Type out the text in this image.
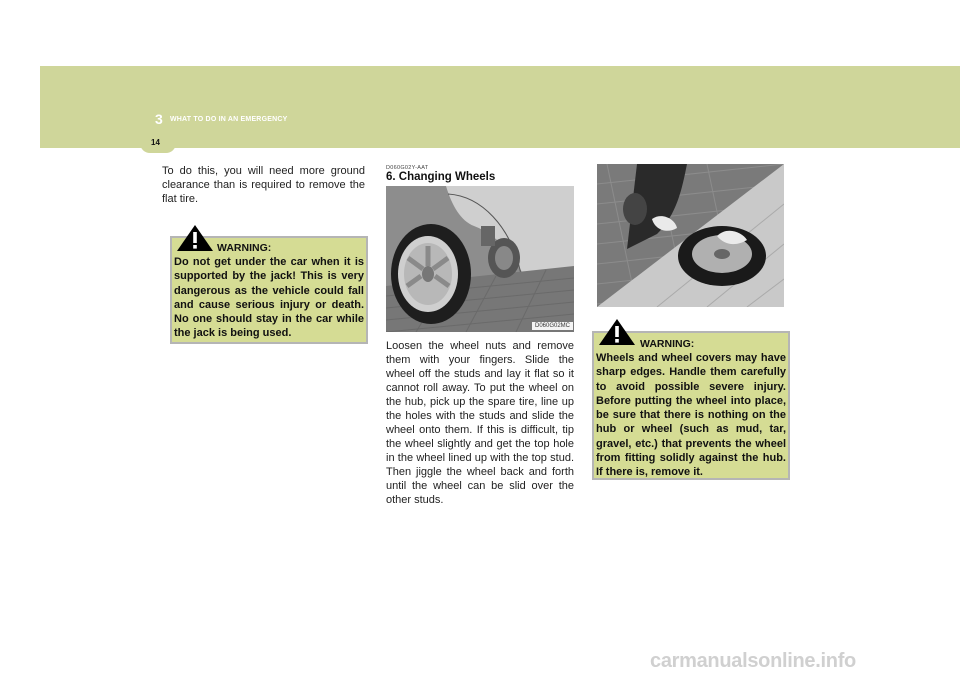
3 WHAT TO DO IN AN EMERGENCY
14
To do this, you will need more ground clearance than is required to remove the flat tire.
WARNING:
Do not get under the car when it is supported by the jack! This is very dangerous as the vehicle could fall and cause serious injury or death. No one should stay in the car while the jack is being used.
D060G02Y-AAT
6. Changing Wheels
D060G02MC
Loosen the wheel nuts and remove them with your fingers. Slide the wheel off the studs and lay it flat so it cannot roll away. To put the wheel on the hub, pick up the spare tire, line up the holes with the studs and slide the wheel onto them. If this is difficult, tip the wheel slightly and get the top hole in the wheel lined up with the top stud. Then jiggle the wheel back and forth until the wheel can be slid over the other studs.
WARNING:
Wheels and wheel covers may have sharp edges. Handle them carefully to avoid possible severe injury. Before putting the wheel into place, be sure that there is nothing on the hub or wheel (such as mud, tar, gravel, etc.) that prevents the wheel from fitting solidly against the hub. If there is, remove it.
carmanualsonline.info
